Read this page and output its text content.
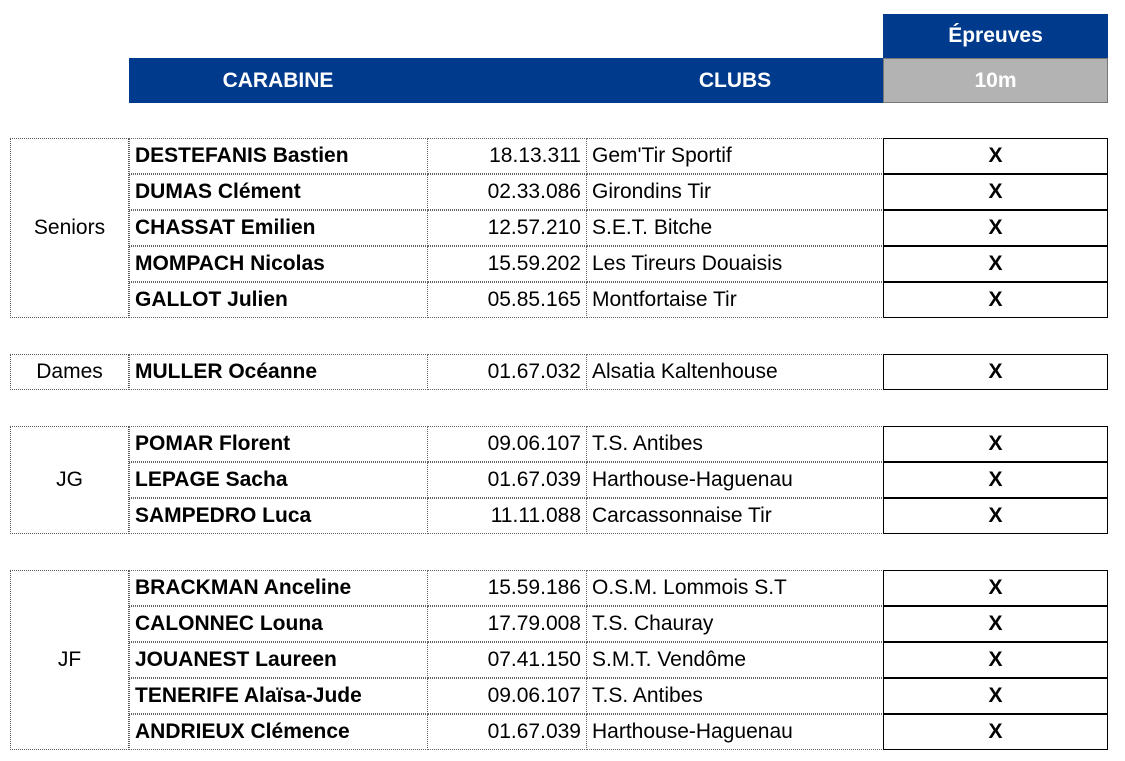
Épreuves
CARABINE	CLUBS	10m
Seniors
DESTEFANIS Bastien	18.13.311 Gem'Tir Sportif	X
DUMAS Clément	02.33.086 Girondins Tir	X
CHASSAT Emilien	12.57.210 S.E.T. Bitche	X
MOMPACH Nicolas	15.59.202 Les Tireurs Douaisis	X
GALLOT Julien	05.85.165 Montfortaise Tir	X
Dames	MULLER Océanne	01.67.032 Alsatia Kaltenhouse	X
JG
POMAR Florent	09.06.107 T.S. Antibes	X
LEPAGE Sacha	01.67.039 Harthouse-Haguenau	X
SAMPEDRO Luca	11.11.088 Carcassonnaise Tir	X
JF
BRACKMAN Anceline	15.59.186 O.S.M. Lommois S.T	X
CALONNEC Louna	17.79.008 T.S. Chauray	X
JOUANEST Laureen	07.41.150 S.M.T. Vendôme	X
TENERIFE Alaïsa-Jude	09.06.107 T.S. Antibes	X
ANDRIEUX Clémence	01.67.039 Harthouse-Haguenau	X
